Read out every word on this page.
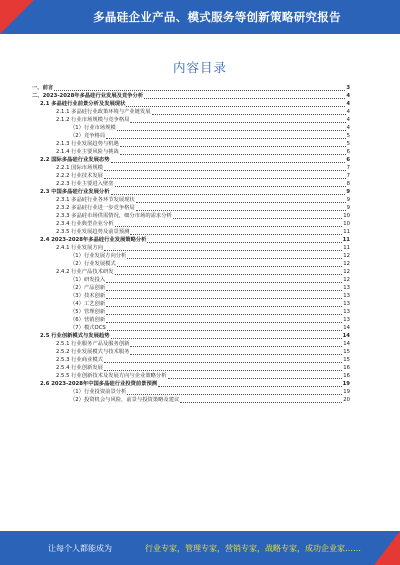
多晶硅企业产品、模式服务等创新策略研究报告
内容目录
一、前言	3
二、2023-2028年多晶硅行业发展及竞争分析	4
2.1 多晶硅行业前景分析及发展现状	4
2.1.1 多晶硅行业政策环境与产业链发展	4
2.1.2 行业市场规模与竞争格局	4
（1）行业市场规模	4
（2）竞争格局	5
2.1.3 行业发展趋势与机遇	5
2.1.4 行业主要风险与挑战	6
2.2 国际多晶硅行业发展态势	6
2.2.1 国际市场规模	7
2.2.2 行业技术发展	7
2.2.3 行业主要进入壁垒	8
2.3 中国多晶硅行业发展分析	9
2.3.1 多晶硅行业各环节发展现状	9
2.3.2 多晶硅行业进一步竞争格局	9
2.3.3 多晶硅市场供需情况，细分市场的需求分析	10
2.3.4 行业典型企业分析	10
2.3.5 行业发展趋势及前景预测	11
2.4 2023-2028年多晶硅行业发展策略分析	11
2.4.1 行业发展方向	11
（1）行业发展方向分析	12
（2）行业发展模式	12
2.4.2 行业产品技术研发	12
（1）研发投入	12
（2）产品创新	13
（3）技术创新	13
（4）工艺创新	13
（5）管理创新	13
（6）营销创新	13
（7）模式OCS	14
2.5 行业创新模式与发展趋势	14
2.5.1 行业服务产品及服务创新	14
2.5.2 行业发展模式与技术服务	15
2.5.3 行业商业模式	15
2.5.4 行业创新发展	16
2.5.5 行业创新技术及发展方向与企业策略分析	16
2.6 2023-2028年中国多晶硅行业投资前景预测	19
（1）行业投资前景分析	19
（2）投资机会与风险，前景与投资策略及建议	20
让每个人都能成为	行业专家，管理专家，营销专家，战略专家，成功企业家……
